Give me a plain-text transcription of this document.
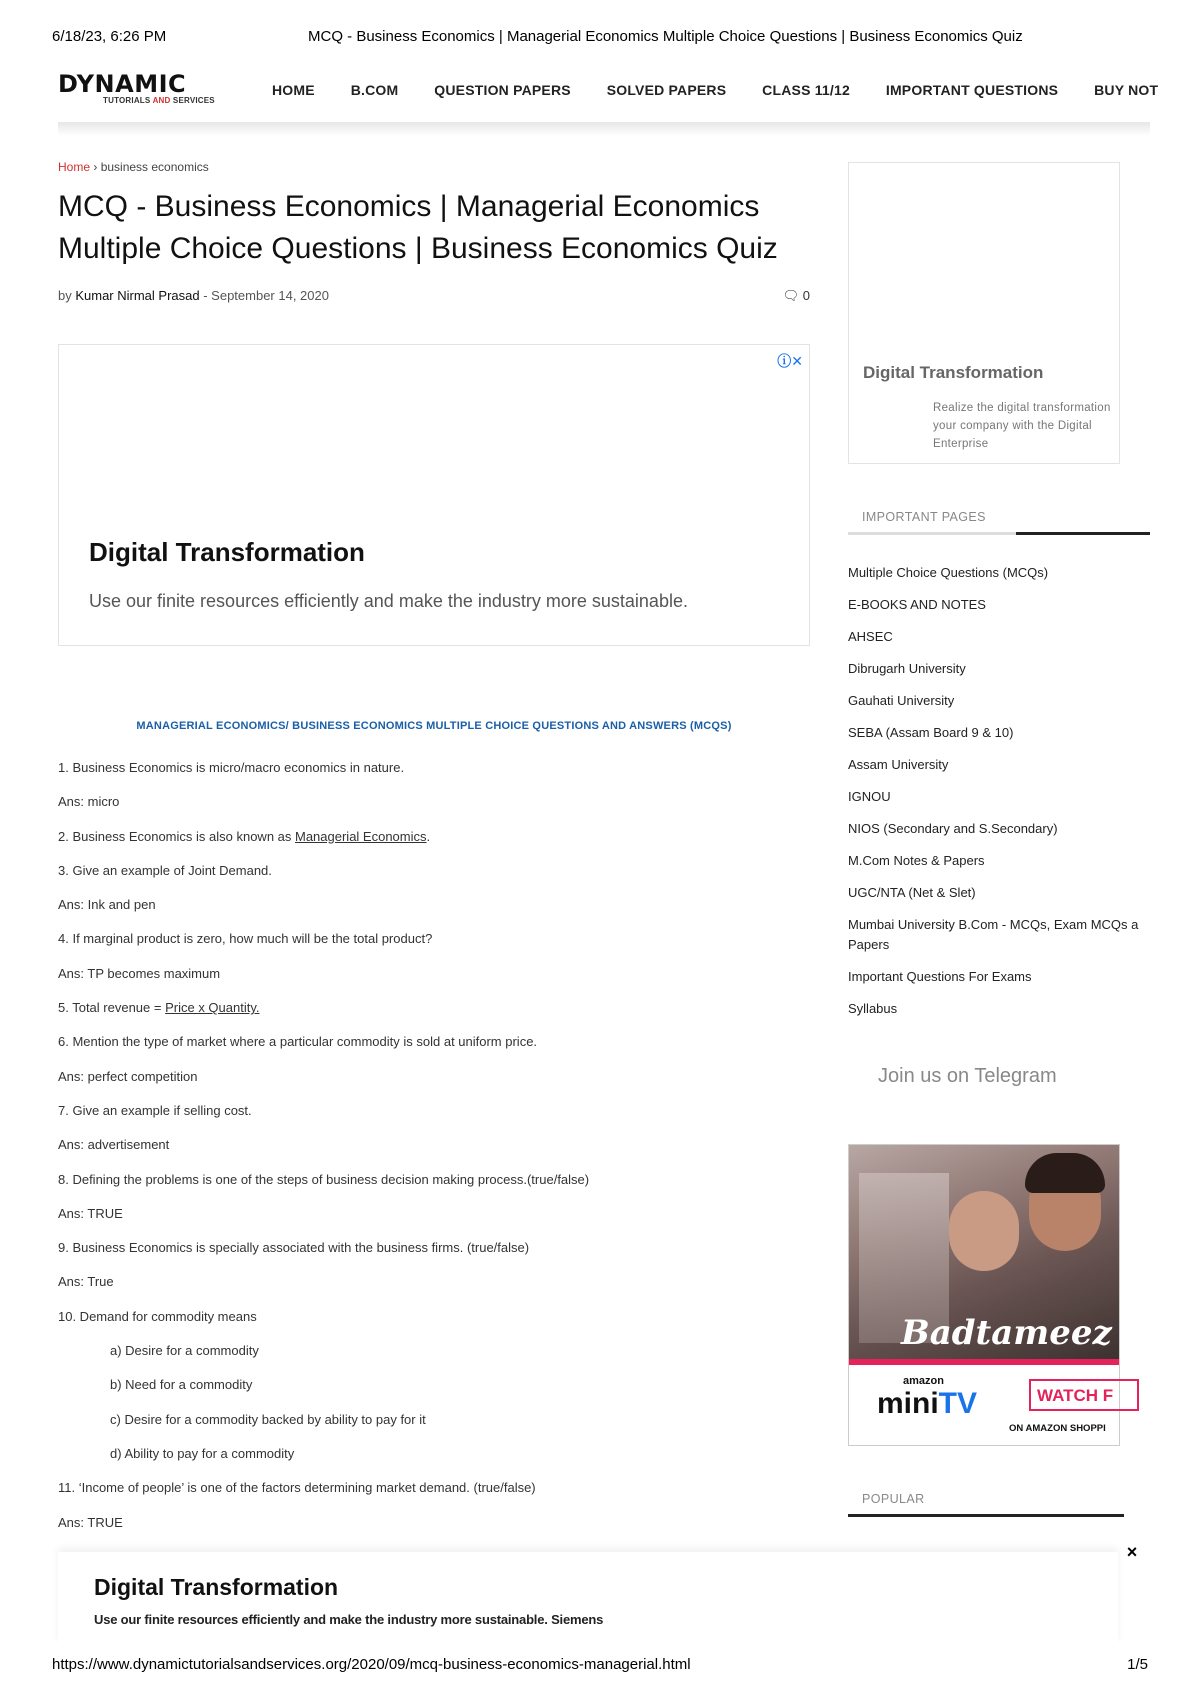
6/18/23, 6:26 PM	MCQ - Business Economics | Managerial Economics Multiple Choice Questions | Business Economics Quiz
DYNAMIC
TUTORIALS AND SERVICES
HOME	B.COM	QUESTION PAPERS	SOLVED PAPERS	CLASS 11/12	IMPORTANT QUESTIONS	BUY NOT
Home › business economics
MCQ - Business Economics | Managerial Economics Multiple Choice Questions | Business Economics Quiz
by Kumar Nirmal Prasad - September 14, 2020	🗨 0
ⓘ✕
Digital Transformation
Use our finite resources efficiently and make the industry more sustainable.
MANAGERIAL ECONOMICS/ BUSINESS ECONOMICS MULTIPLE CHOICE QUESTIONS AND ANSWERS (MCQS)
1. Business Economics is micro/macro economics in nature.
Ans: micro
2. Business Economics is also known as Managerial Economics.
3. Give an example of Joint Demand.
Ans: Ink and pen
4. If marginal product is zero, how much will be the total product?
Ans: TP becomes maximum
5. Total revenue = Price x Quantity.
6. Mention the type of market where a particular commodity is sold at uniform price.
Ans: perfect competition
7. Give an example if selling cost.
Ans: advertisement
8. Defining the problems is one of the steps of business decision making process.(true/false)
Ans: TRUE
9. Business Economics is specially associated with the business firms. (true/false)
Ans: True
10. Demand for commodity means
a) Desire for a commodity
b) Need for a commodity
c) Desire for a commodity backed by ability to pay for it
d) Ability to pay for a commodity
11. ‘Income of people’ is one of the factors determining market demand. (true/false)
Ans: TRUE
Digital Transformation
Realize the digital transformation your company with the Digital Enterprise
IMPORTANT PAGES
Multiple Choice Questions (MCQs)
E-BOOKS AND NOTES
AHSEC
Dibrugarh University
Gauhati University
SEBA (Assam Board 9 & 10)
Assam University
IGNOU
NIOS (Secondary and S.Secondary)
M.Com Notes & Papers
UGC/NTA (Net & Slet)
Mumbai University B.Com - MCQs, Exam MCQs a Papers
Important Questions For Exams
Syllabus
Join us on Telegram
Badtameez D
amazon
miniTV	WATCH F
ON AMAZON SHOPPI
POPULAR
×
Digital Transformation
Use our finite resources efficiently and make the industry more sustainable. Siemens
https://www.dynamictutorialsandservices.org/2020/09/mcq-business-economics-managerial.html	1/5
